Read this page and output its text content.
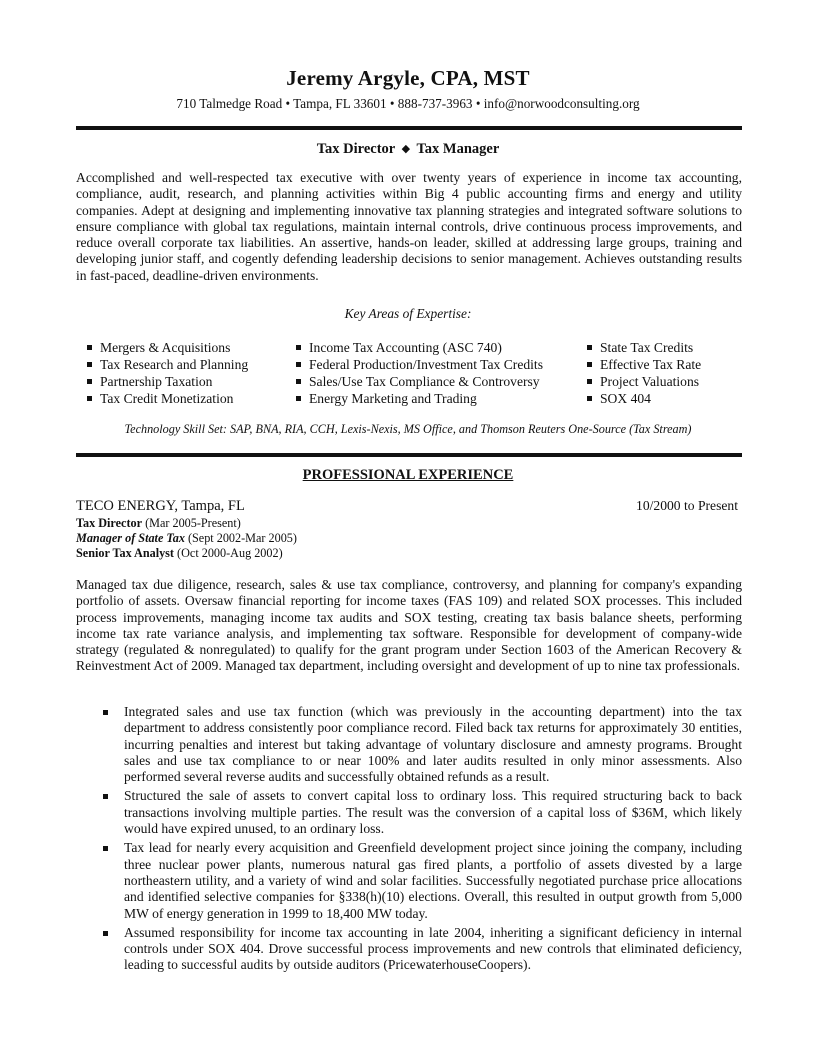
Jeremy Argyle, CPA, MST
710 Talmedge Road • Tampa, FL 33601 • 888-737-3963 • info@norwoodconsulting.org
Tax Director ◆ Tax Manager
Accomplished and well-respected tax executive with over twenty years of experience in income tax accounting, compliance, audit, research, and planning activities within Big 4 public accounting firms and energy and utility companies. Adept at designing and implementing innovative tax planning strategies and integrated software solutions to ensure compliance with global tax regulations, maintain internal controls, drive continuous process improvements, and reduce overall corporate tax liabilities. An assertive, hands-on leader, skilled at addressing large groups, training and developing junior staff, and cogently defending leadership decisions to senior management. Achieves outstanding results in fast-paced, deadline-driven environments.
Key Areas of Expertise:
Mergers & Acquisitions
Tax Research and Planning
Partnership Taxation
Tax Credit Monetization
Income Tax Accounting (ASC 740)
Federal Production/Investment Tax Credits
Sales/Use Tax Compliance & Controversy
Energy Marketing and Trading
State Tax Credits
Effective Tax Rate
Project Valuations
SOX 404
Technology Skill Set: SAP, BNA, RIA, CCH, Lexis-Nexis, MS Office, and Thomson Reuters One-Source (Tax Stream)
PROFESSIONAL EXPERIENCE
TECO ENERGY, Tampa, FL	10/2000 to Present
Tax Director (Mar 2005-Present)
Manager of State Tax (Sept 2002-Mar 2005)
Senior Tax Analyst (Oct 2000-Aug 2002)
Managed tax due diligence, research, sales & use tax compliance, controversy, and planning for company's expanding portfolio of assets. Oversaw financial reporting for income taxes (FAS 109) and related SOX processes. This included process improvements, managing income tax audits and SOX testing, creating tax basis balance sheets, performing income tax rate variance analysis, and implementing tax software. Responsible for development of company-wide strategy (regulated & nonregulated) to qualify for the grant program under Section 1603 of the American Recovery & Reinvestment Act of 2009. Managed tax department, including oversight and development of up to nine tax professionals.
Integrated sales and use tax function (which was previously in the accounting department) into the tax department to address consistently poor compliance record. Filed back tax returns for approximately 30 entities, incurring penalties and interest but taking advantage of voluntary disclosure and amnesty programs. Brought sales and use tax compliance to or near 100% and later audits resulted in only minor assessments. Also performed several reverse audits and successfully obtained refunds as a result.
Structured the sale of assets to convert capital loss to ordinary loss. This required structuring back to back transactions involving multiple parties. The result was the conversion of a capital loss of $36M, which likely would have expired unused, to an ordinary loss.
Tax lead for nearly every acquisition and Greenfield development project since joining the company, including three nuclear power plants, numerous natural gas fired plants, a portfolio of assets divested by a large northeastern utility, and a variety of wind and solar facilities. Successfully negotiated purchase price allocations and identified selective companies for §338(h)(10) elections. Overall, this resulted in output growth from 5,000 MW of energy generation in 1999 to 18,400 MW today.
Assumed responsibility for income tax accounting in late 2004, inheriting a significant deficiency in internal controls under SOX 404. Drove successful process improvements and new controls that eliminated deficiency, leading to successful audits by outside auditors (PricewaterhouseCoopers).
